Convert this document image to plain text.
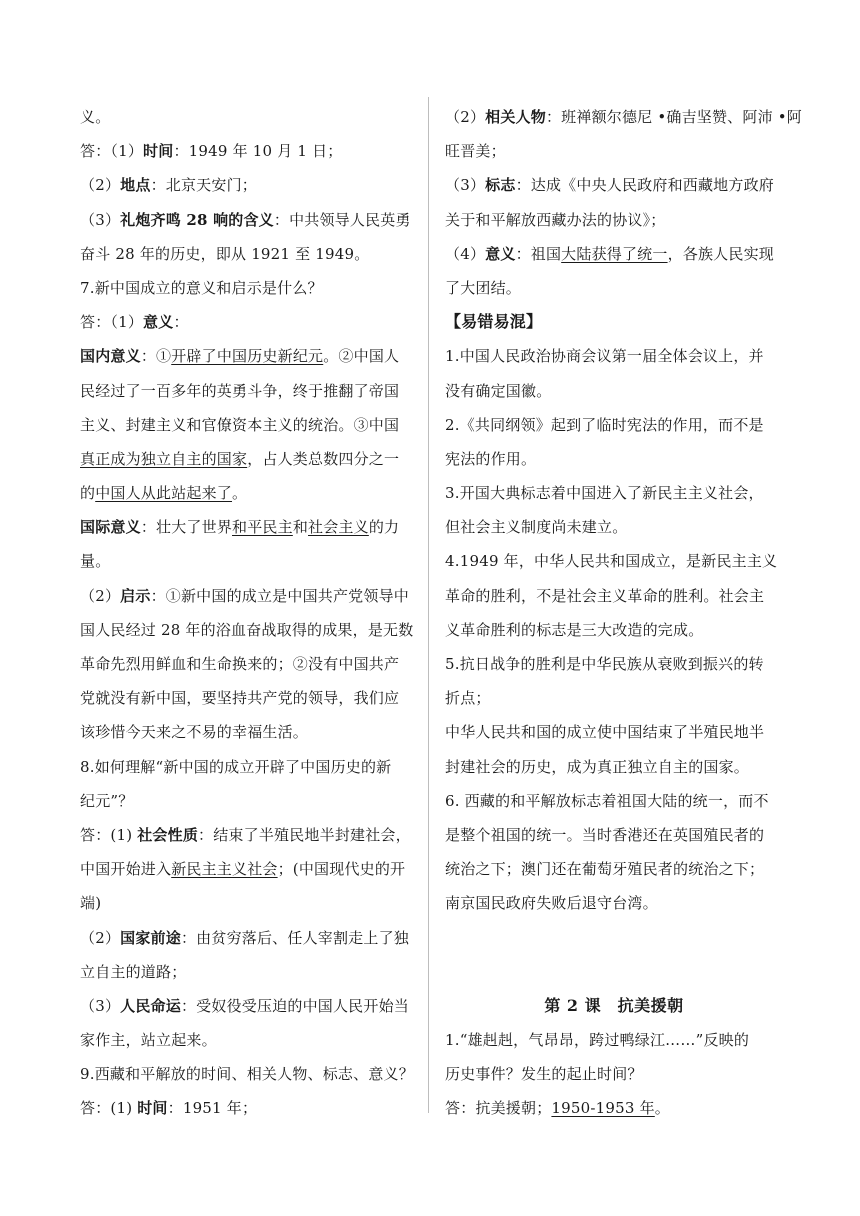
义。
答：（1）时间：1949 年 10 月 1 日；
（2）地点：北京天安门；
（3）礼炮齐鸣 28 响的含义：中共领导人民英勇
奋斗 28 年的历史，即从 1921 至 1949。
7.新中国成立的意义和启示是什么？
答：（1）意义：
国内意义：①开辟了中国历史新纪元。②中国人
民经过了一百多年的英勇斗争，终于推翻了帝国
主义、封建主义和官僚资本主义的统治。③中国
真正成为独立自主的国家，占人类总数四分之一
的中国人从此站起来了。
国际意义：壮大了世界和平民主和社会主义的力
量。
（2）启示：①新中国的成立是中国共产党领导中
国人民经过 28 年的浴血奋战取得的成果，是无数
革命先烈用鲜血和生命换来的；②没有中国共产
党就没有新中国，要坚持共产党的领导，我们应
该珍惜今天来之不易的幸福生活。
8.如何理解“新中国的成立开辟了中国历史的新
纪元”？
答：(1) 社会性质：结束了半殖民地半封建社会，
中国开始进入新民主主义社会；(中国现代史的开
端)
（2）国家前途：由贫穷落后、任人宰割走上了独
立自主的道路；
（3）人民命运：受奴役受压迫的中国人民开始当
家作主，站立起来。
9.西藏和平解放的时间、相关人物、标志、意义？
答：(1) 时间：1951 年；
（2）相关人物：班禅额尔德尼 •确吉坚赞、阿沛 •阿
旺晋美；
（3）标志：达成《中央人民政府和西藏地方政府
关于和平解放西藏办法的协议》；
（4）意义：祖国大陆获得了统一，各族人民实现
了大团结。
【易错易混】
1.中国人民政治协商会议第一届全体会议上，并
没有确定国徽。
2.《共同纲领》起到了临时宪法的作用，而不是
宪法的作用。
3.开国大典标志着中国进入了新民主主义社会，
但社会主义制度尚未建立。
4.1949 年，中华人民共和国成立，是新民主主义
革命的胜利，不是社会主义革命的胜利。社会主
义革命胜利的标志是三大改造的完成。
5.抗日战争的胜利是中华民族从衰败到振兴的转
折点；
中华人民共和国的成立使中国结束了半殖民地半
封建社会的历史，成为真正独立自主的国家。
6. 西藏的和平解放标志着祖国大陆的统一，而不
是整个祖国的统一。当时香港还在英国殖民者的
统治之下；澳门还在葡萄牙殖民者的统治之下；
南京国民政府失败后退守台湾。
第 2 课　抗美援朝
1.“雄赳赳，气昂昂，跨过鸭绿江……”反映的
历史事件？发生的起止时间？
答：抗美援朝；1950-1953 年。
